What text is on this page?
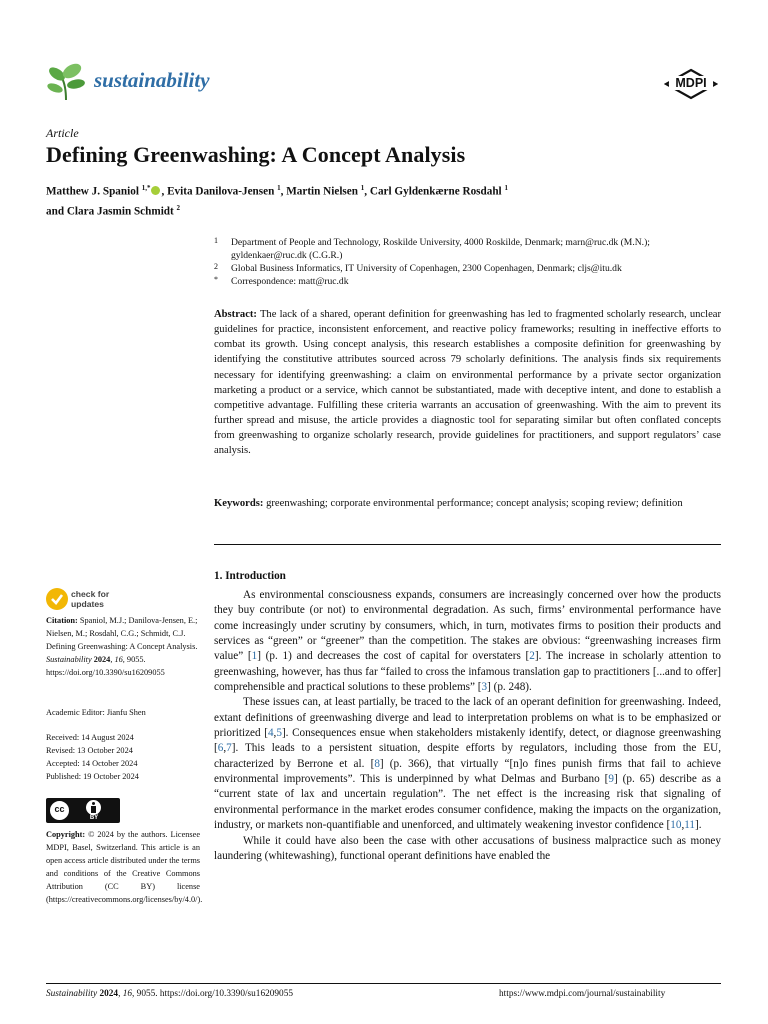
sustainability	MDPI
Article
Defining Greenwashing: A Concept Analysis
Matthew J. Spaniol $^{1,*}$ , Evita Danilova-Jensen $^1$, Martin Nielsen $^1$, Carl Gyldenkærne Rosdahl $^1$
and Clara Jasmin Schmidt $^2$
1 Department of People and Technology, Roskilde University, 4000 Roskilde, Denmark; marn@ruc.dk (M.N.); gyldenkaer@ruc.dk (C.G.R.)
2 Global Business Informatics, IT University of Copenhagen, 2300 Copenhagen, Denmark; cljs@itu.dk
* Correspondence: matt@ruc.dk
Abstract: The lack of a shared, operant definition for greenwashing has led to fragmented scholarly research, unclear guidelines for practice, inconsistent enforcement, and reactive policy frameworks; resulting in ineffective efforts to combat its growth. Using concept analysis, this research establishes a composite definition for greenwashing by identifying the constitutive attributes sourced across 79 scholarly definitions. The analysis finds six requirements necessary for identifying greenwashing: a claim on environmental performance by a private sector organization marketing a product or a service, which cannot be substantiated, made with deceptive intent, and done to establish a competitive advantage. Fulfilling these criteria warrants an accusation of greenwashing. With the aim to prevent its further spread and misuse, the article provides a diagnostic tool for separating similar but often conflated concepts from greenwashing to organize scholarly research, provide guidelines for practitioners, and support regulators’ case analysis.
Keywords: greenwashing; corporate environmental performance; concept analysis; scoping review; definition
check for
updates
Citation: Spaniol, M.J.; Danilova-Jensen, E.; Nielsen, M.; Rosdahl, C.G.; Schmidt, C.J. Defining Greenwashing: A Concept Analysis. Sustainability 2024, 16, 9055. https://doi.org/10.3390/su16209055
Academic Editor: Jianfu Shen
Received: 14 August 2024
Revised: 13 October 2024
Accepted: 14 October 2024
Published: 19 October 2024
cc
BY
Copyright: © 2024 by the authors. Licensee MDPI, Basel, Switzerland. This article is an open access article distributed under the terms and conditions of the Creative Commons Attribution (CC BY) license (https://creativecommons.org/licenses/by/4.0/).
1. Introduction

As environmental consciousness expands, consumers are increasingly concerned over how the products they buy contribute (or not) to environmental degradation. As such, firms’ environmental performance have come increasingly under scrutiny by consumers, which, in turn, motivates firms to position their products and services as “green” or “greener” than the competition. The stakes are obvious: “greenwashing increases firm value” [1] (p. 1) and decreases the cost of capital for overstaters [2]. The increase in scholarly attention to greenwashing, however, has thus far “failed to cross the infamous translation gap to practitioners [...and to offer] comprehensible and practical solutions to these problems” [3] (p. 248).

These issues can, at least partially, be traced to the lack of an operant definition for greenwashing. Indeed, extant definitions of greenwashing diverge and lead to interpretation problems on what is to be emphasized or prioritized [4,5]. Consequences ensue when stakeholders mistakenly identify, detect, or diagnose greenwashing [6,7]. This leads to a persistent situation, despite efforts by regulators, including those from the EU, characterized by Berrone et al. [8] (p. 366), that virtually “[n]o fines punish firms that fail to achieve environmental improvements”. This is underpinned by what Delmas and Burbano [9] (p. 65) describe as a “current state of lax and uncertain regulation”. The net effect is the increasing risk that signaling of environmental performance in the market erodes consumer confidence, making the impacts on the organization, industry, or markets non-quantifiable and unenforced, and ultimately weakening investor confidence [10,11].

While it could have also been the case with other accusations of business malpractice such as money laundering (whitewashing), functional operant definitions have enabled the

Sustainability 2024, 16, 9055. https://doi.org/10.3390/su16209055	https://www.mdpi.com/journal/sustainability
